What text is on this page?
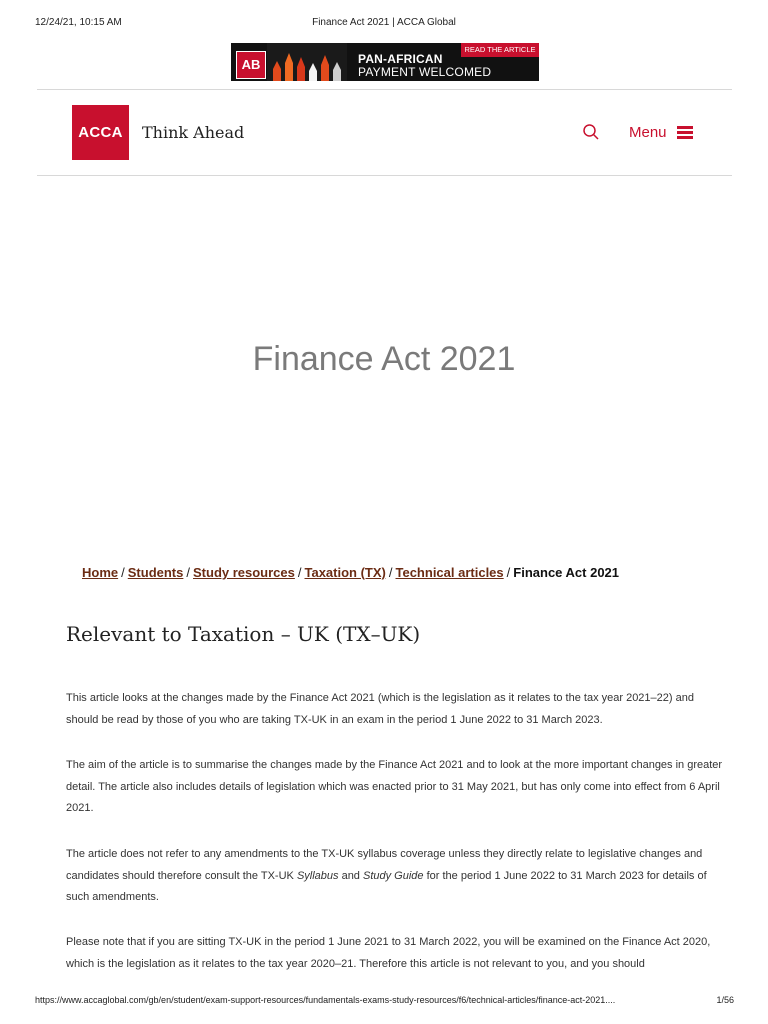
12/24/21, 10:15 AM	Finance Act 2021 | ACCA Global
AB
READ THE ARTICLE
PAN-AFRICAN
PAYMENT WELCOMED
ACCA	Think Ahead	Menu
Finance Act 2021
Home / Students / Study resources / Taxation (TX) / Technical articles / Finance Act 2021
Relevant to Taxation – UK (TX–UK)

This article looks at the changes made by the Finance Act 2021 (which is the legislation as it relates to the tax year 2021–22) and should be read by those of you who are taking TX-UK in an exam in the period 1 June 2022 to 31 March 2023.

The aim of the article is to summarise the changes made by the Finance Act 2021 and to look at the more important changes in greater detail. The article also includes details of legislation which was enacted prior to 31 May 2021, but has only come into effect from 6 April 2021.

The article does not refer to any amendments to the TX-UK syllabus coverage unless they directly relate to legislative changes and candidates should therefore consult the TX-UK Syllabus and Study Guide for the period 1 June 2022 to 31 March 2023 for details of such amendments.

Please note that if you are sitting TX-UK in the period 1 June 2021 to 31 March 2022, you will be examined on the Finance Act 2020, which is the legislation as it relates to the tax year 2020–21. Therefore this article is not relevant to you, and you should

https://www.accaglobal.com/gb/en/student/exam-support-resources/fundamentals-exams-study-resources/f6/technical-articles/finance-act-2021....	1/56
